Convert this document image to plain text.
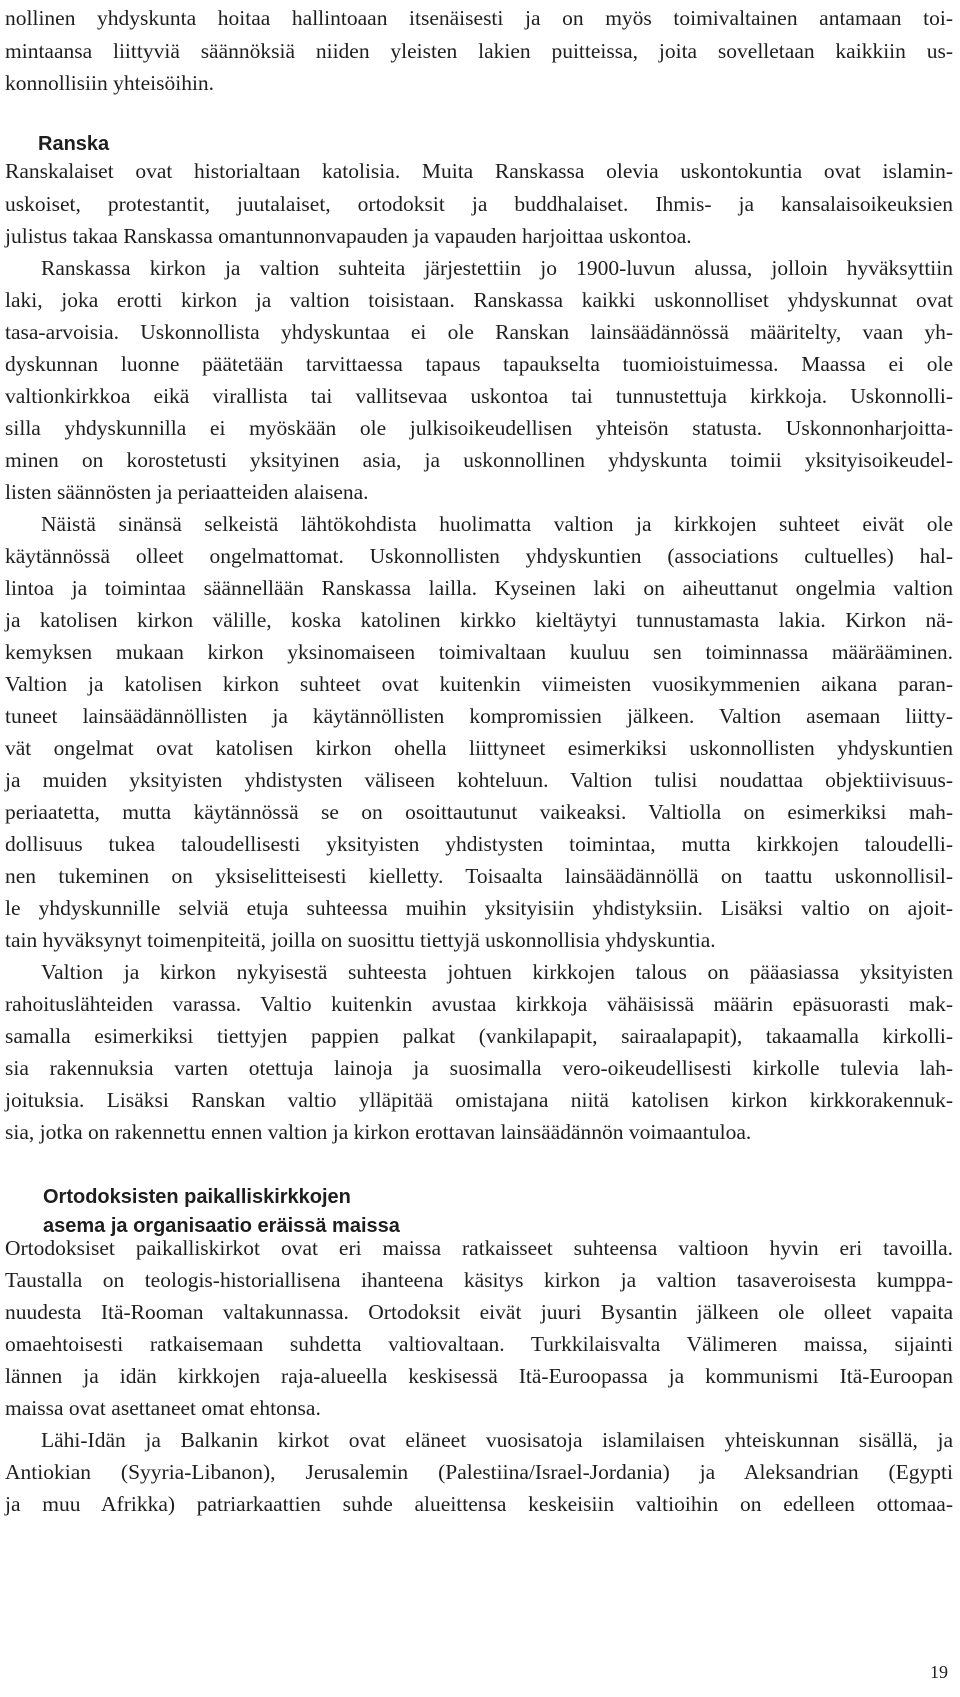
nollinen yhdyskunta hoitaa hallintoaan itsenäisesti ja on myös toimivaltainen antamaan toi-
mintaansa liittyviä säännöksiä niiden yleisten lakien puitteissa, joita sovelletaan kaikkiin us-
konnollisiin yhteisöihin.
Ranska
Ranskalaiset ovat historialtaan katolisia. Muita Ranskassa olevia uskontokuntia ovat islamin-
uskoiset, protestantit, juutalaiset, ortodoksit ja buddhalaiset. Ihmis- ja kansalaisoikeuksien
julistus takaa Ranskassa omantunnonvapauden ja vapauden harjoittaa uskontoa.
Ranskassa kirkon ja valtion suhteita järjestettiin jo 1900-luvun alussa, jolloin hyväksyttiin
laki, joka erotti kirkon ja valtion toisistaan. Ranskassa kaikki uskonnolliset yhdyskunnat ovat
tasa-arvoisia. Uskonnollista yhdyskuntaa ei ole Ranskan lainsäädännössä määritelty, vaan yh-
dyskunnan luonne päätetään tarvittaessa tapaus tapaukselta tuomioistuimessa. Maassa ei ole
valtionkirkkoa eikä virallista tai vallitsevaa uskontoa tai tunnustettuja kirkkoja. Uskonnolli-
silla yhdyskunnilla ei myöskään ole julkisoikeudellisen yhteisön statusta. Uskonnonharjoitta-
minen on korostetusti yksityinen asia, ja uskonnollinen yhdyskunta toimii yksityisoikeudel-
listen säännösten ja periaatteiden alaisena.
Näistä sinänsä selkeistä lähtökohdista huolimatta valtion ja kirkkojen suhteet eivät ole
käytännössä olleet ongelmattomat. Uskonnollisten yhdyskuntien (associations cultuelles) hal-
lintoa ja toimintaa säännellään Ranskassa lailla. Kyseinen laki on aiheuttanut ongelmia valtion
ja katolisen kirkon välille, koska katolinen kirkko kieltäytyi tunnustamasta lakia. Kirkon nä-
kemyksen mukaan kirkon yksinomaiseen toimivaltaan kuuluu sen toiminnassa määrääminen.
Valtion ja katolisen kirkon suhteet ovat kuitenkin viimeisten vuosikymmenien aikana paran-
tuneet lainsäädännöllisten ja käytännöllisten kompromissien jälkeen. Valtion asemaan liitty-
vät ongelmat ovat katolisen kirkon ohella liittyneet esimerkiksi uskonnollisten yhdyskuntien
ja muiden yksityisten yhdistysten väliseen kohteluun. Valtion tulisi noudattaa objektiivisuus-
periaatetta, mutta käytännössä se on osoittautunut vaikeaksi. Valtiolla on esimerkiksi mah-
dollisuus tukea taloudellisesti yksityisten yhdistysten toimintaa, mutta kirkkojen taloudelli-
nen tukeminen on yksiselitteisesti kielletty. Toisaalta lainsäädännöllä on taattu uskonnollisil-
le yhdyskunnille selviä etuja suhteessa muihin yksityisiin yhdistyksiin. Lisäksi valtio on ajoit-
tain hyväksynyt toimenpiteitä, joilla on suosittu tiettyjä uskonnollisia yhdyskuntia.
Valtion ja kirkon nykyisestä suhteesta johtuen kirkkojen talous on pääasiassa yksityisten
rahoituslähteiden varassa. Valtio kuitenkin avustaa kirkkoja vähäisissä määrin epäsuorasti mak-
samalla esimerkiksi tiettyjen pappien palkat (vankilapapit, sairaalapapit), takaamalla kirkolli-
sia rakennuksia varten otettuja lainoja ja suosimalla vero-oikeudellisesti kirkolle tulevia lah-
joituksia. Lisäksi Ranskan valtio ylläpitää omistajana niitä katolisen kirkon kirkkorakennuk-
sia, jotka on rakennettu ennen valtion ja kirkon erottavan lainsäädännön voimaantuloa.
Ortodoksisten paikalliskirkkojen
asema ja organisaatio eräissä maissa
Ortodoksiset paikalliskirkot ovat eri maissa ratkaisseet suhteensa valtioon hyvin eri tavoilla.
Taustalla on teologis-historiallisena ihanteena käsitys kirkon ja valtion tasaveroisesta kumppa-
nuudesta Itä-Rooman valtakunnassa. Ortodoksit eivät juuri Bysantin jälkeen ole olleet vapaita
omaehtoisesti ratkaisemaan suhdetta valtiovaltaan. Turkkilaisvalta Välimeren maissa, sijainti
lännen ja idän kirkkojen raja-alueella keskisessä Itä-Euroopassa ja kommunismi Itä-Euroopan
maissa ovat asettaneet omat ehtonsa.
Lähi-Idän ja Balkanin kirkot ovat eläneet vuosisatoja islamilaisen yhteiskunnan sisällä, ja
Antiokian (Syyria-Libanon), Jerusalemin (Palestiina/Israel-Jordania) ja Aleksandrian (Egypti
ja muu Afrikka) patriarkaattien suhde alueittensa keskeisiin valtioihin on edelleen ottomaa-
19
